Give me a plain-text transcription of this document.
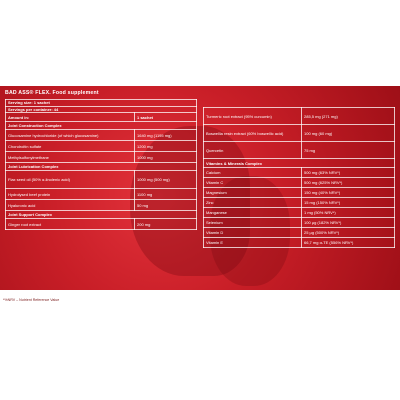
BAD ASS® FLEX. Food supplement
Serving size: 1 sachet	
Servings per container: 44	
Amount in:	1 sachet
Joint Construction Complex	
Glucosamine hydrochloride (of which glucosamine)	1640 mg (1195 mg)
Chondroitin sulfate	1200 mg
Methylsulfonylmethane	1000 mg
Joint Lubrication Complex	
Flax seed oil (50% α-linolenic acid)	1000 mg (500 mg)
Hydrolysed beef protein	1100 mg
Hyaluronic acid	50 mg
Joint Support Complex	
Ginger root extract	200 mg
Turmeric root extract (95% curcumin)	285,5 mg (271 mg)
Boswellia resin extract (60% boswellic acid)	100 mg (60 mg)
Quercetin	75 mg
Vitamins & Minerals Complex	
Calcium	500 mg (63% NRV*)
Vitamin C	500 mg (625% NRV*)
Magnesium	150 mg (40% NRV*)
Zinc	15 mg (150% NRV*)
Manganese	1 mg (50% NRV*)
Selenium	100 µg (182% NRV*)
Vitamin D	25 µg (500% NRV*)
Vitamin E	66,7 mg α-TE (556% NRV*)
POWDER
44 servings
VITAMINS
8
ACTIVE INGR.
10+	1 x = 1 serving
*%NRV – Nutrient Reference Value
